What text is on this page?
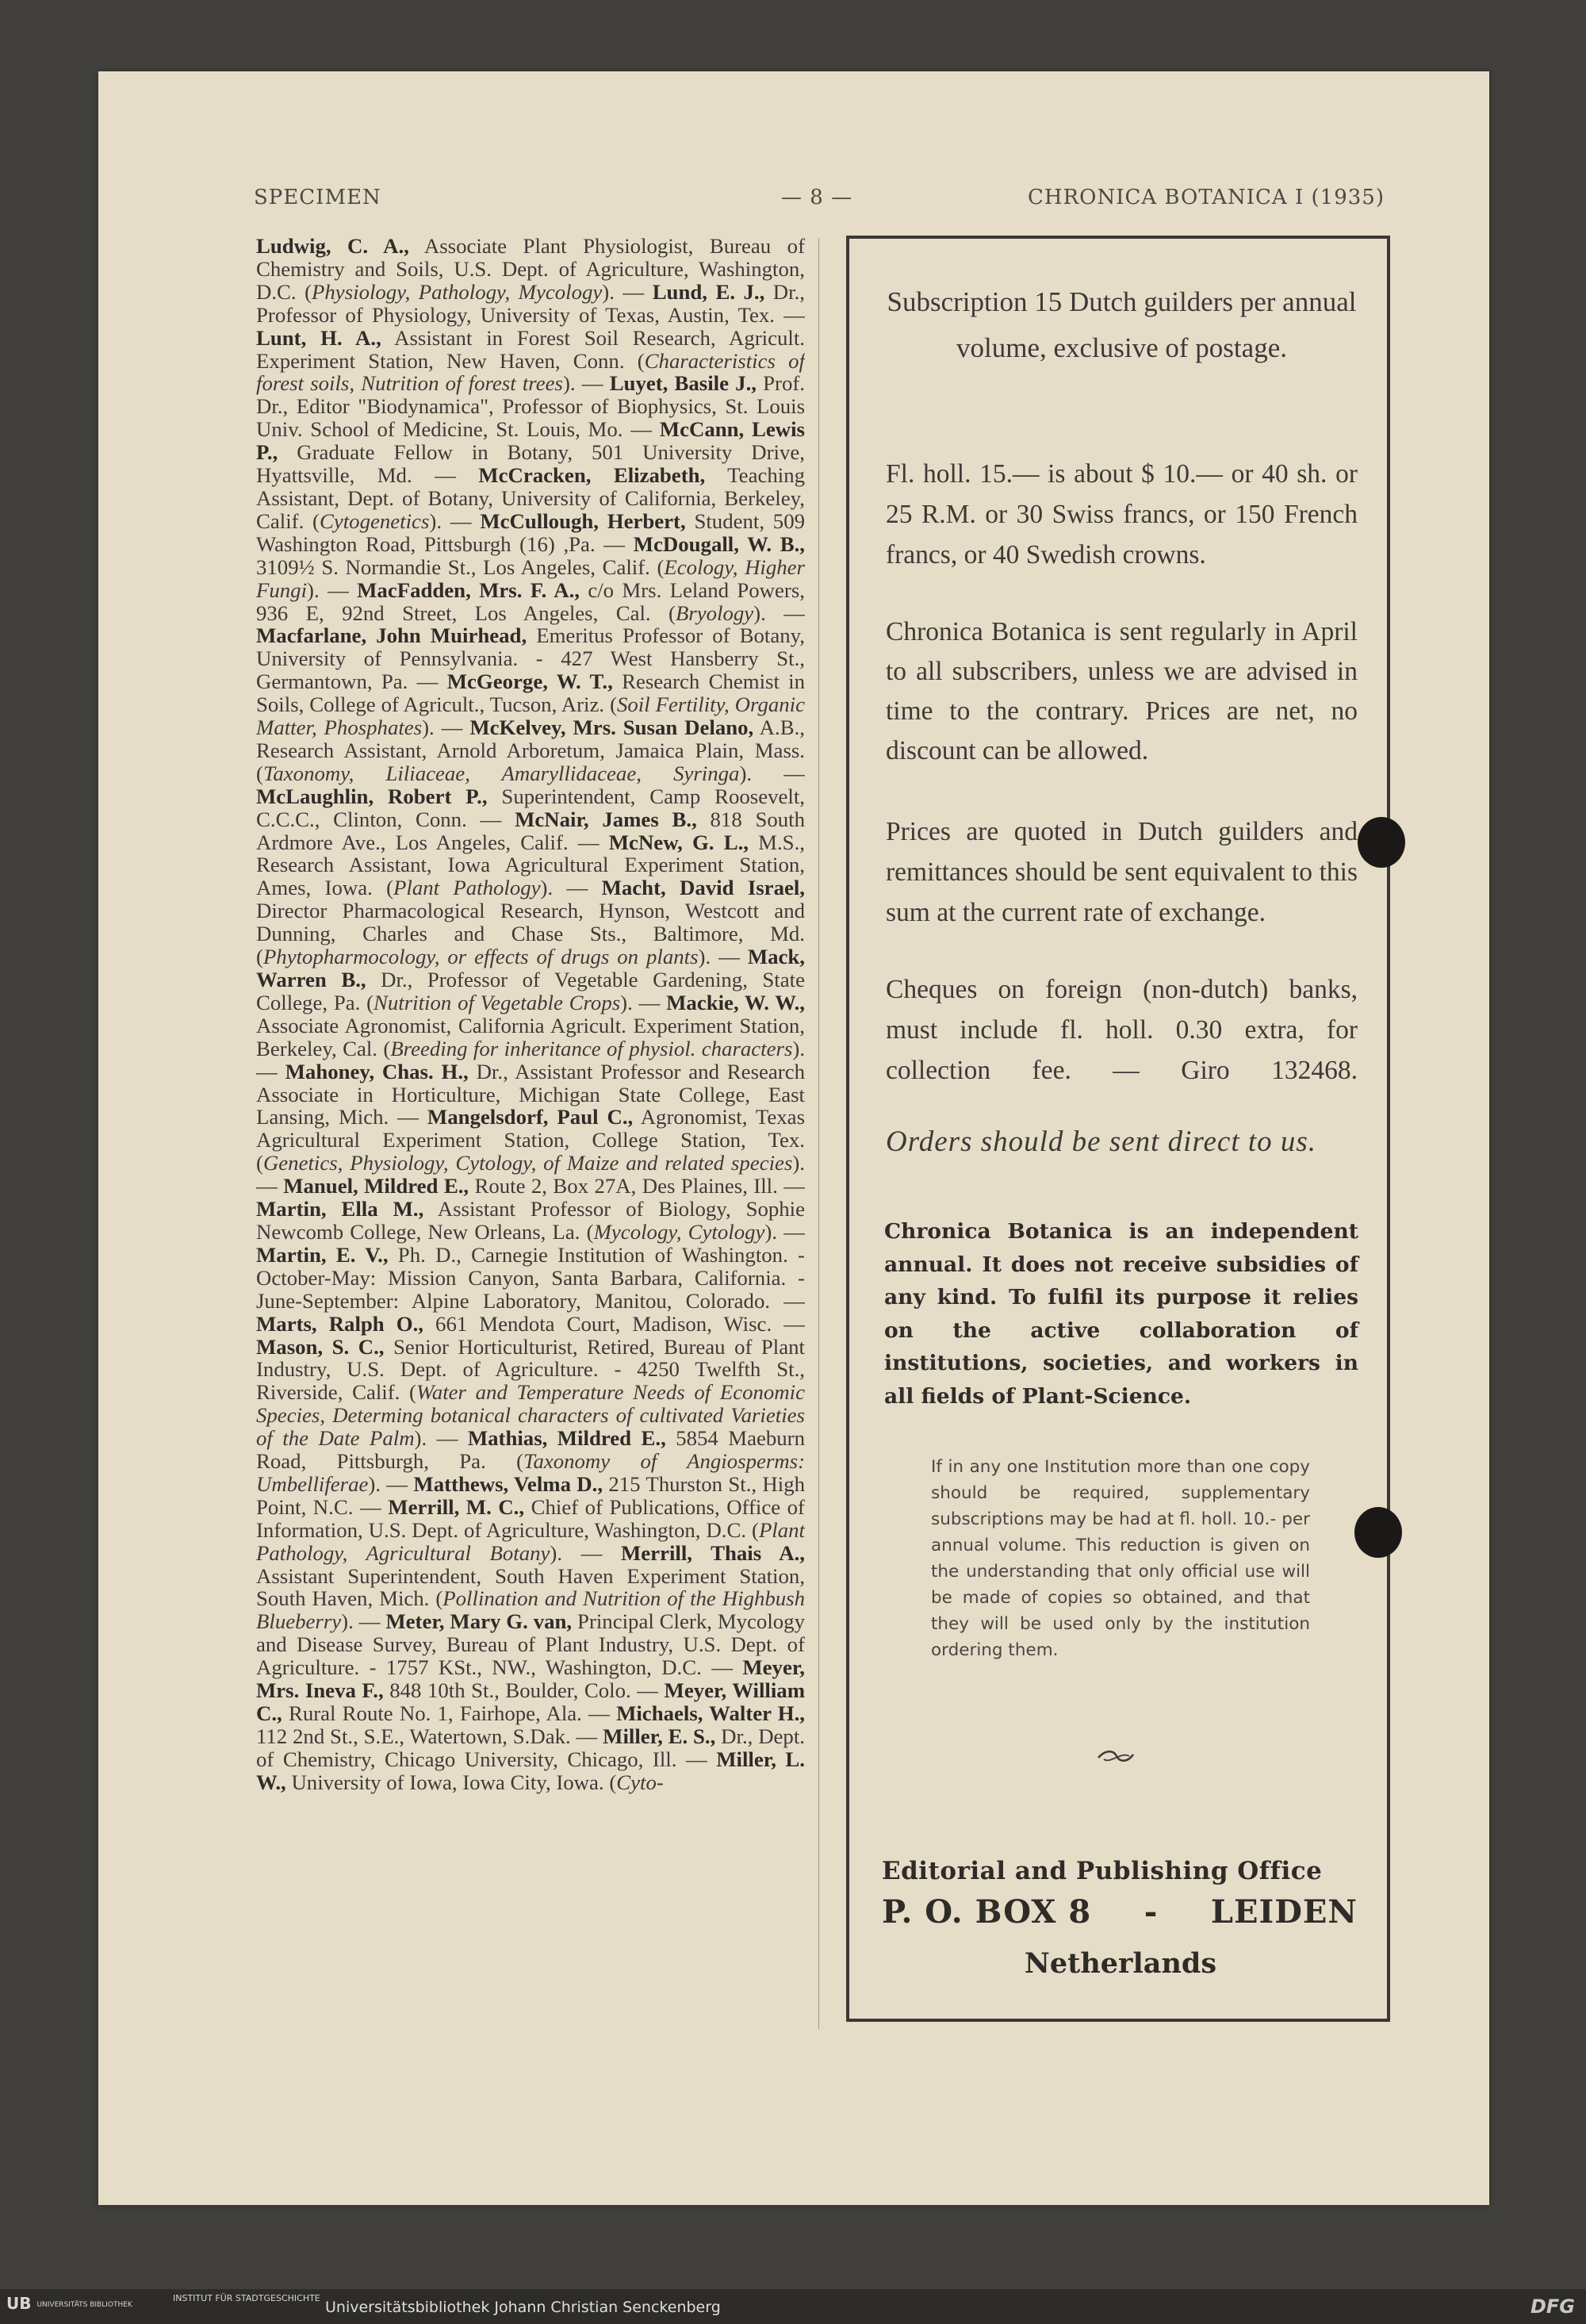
SPECIMEN	— 8 —	CHRONICA BOTANICA I (1935)
Ludwig, C. A., Associate Plant Physiologist, Bureau of Chemistry and Soils, U.S. Dept. of Agriculture, Washington, D.C. (Physiology, Pathology, Mycology). — Lund, E. J., Dr., Professor of Physiology, University of Texas, Austin, Tex. — Lunt, H. A., Assistant in Forest Soil Research, Agricult. Experiment Station, New Haven, Conn. (Characteristics of forest soils, Nutrition of forest trees). — Luyet, Basile J., Prof. Dr., Editor "Biodynamica", Professor of Biophysics, St. Louis Univ. School of Medicine, St. Louis, Mo. — McCann, Lewis P., Graduate Fellow in Botany, 501 University Drive, Hyattsville, Md. — McCracken, Elizabeth, Teaching Assistant, Dept. of Botany, University of California, Berkeley, Calif. (Cytogenetics). — McCullough, Herbert, Student, 509 Washington Road, Pittsburgh (16) ,Pa. — McDougall, W. B., 3109½ S. Normandie St., Los Angeles, Calif. (Ecology, Higher Fungi). — MacFadden, Mrs. F. A., c/o Mrs. Leland Powers, 936 E, 92nd Street, Los Angeles, Cal. (Bryology). — Macfarlane, John Muirhead, Emeritus Professor of Botany, University of Pennsylvania. - 427 West Hansberry St., Germantown, Pa. — McGeorge, W. T., Research Chemist in Soils, College of Agricult., Tucson, Ariz. (Soil Fertility, Organic Matter, Phosphates). — McKelvey, Mrs. Susan Delano, A.B., Research Assistant, Arnold Arboretum, Jamaica Plain, Mass. (Taxonomy, Liliaceae, Amaryllidaceae, Syringa). — McLaughlin, Robert P., Superintendent, Camp Roosevelt, C.C.C., Clinton, Conn. — McNair, James B., 818 South Ardmore Ave., Los Angeles, Calif. — McNew, G. L., M.S., Research Assistant, Iowa Agricultural Experiment Station, Ames, Iowa. (Plant Pathology). — Macht, David Israel, Director Pharmacological Research, Hynson, Westcott and Dunning, Charles and Chase Sts., Baltimore, Md. (Phytopharmocology, or effects of drugs on plants). — Mack, Warren B., Dr., Professor of Vegetable Gardening, State College, Pa. (Nutrition of Vegetable Crops). — Mackie, W. W., Associate Agronomist, California Agricult. Experiment Station, Berkeley, Cal. (Breeding for inheritance of physiol. characters). — Mahoney, Chas. H., Dr., Assistant Professor and Research Associate in Horticulture, Michigan State College, East Lansing, Mich. — Mangelsdorf, Paul C., Agronomist, Texas Agricultural Experiment Station, College Station, Tex. (Genetics, Physiology, Cytology, of Maize and related species). — Manuel, Mildred E., Route 2, Box 27A, Des Plaines, Ill. — Martin, Ella M., Assistant Professor of Biology, Sophie Newcomb College, New Orleans, La. (Mycology, Cytology). — Martin, E. V., Ph. D., Carnegie Institution of Washington. - October-May: Mission Canyon, Santa Barbara, California. - June-September: Alpine Laboratory, Manitou, Colorado. — Marts, Ralph O., 661 Mendota Court, Madison, Wisc. — Mason, S. C., Senior Horticulturist, Retired, Bureau of Plant Industry, U.S. Dept. of Agriculture. - 4250 Twelfth St., Riverside, Calif. (Water and Temperature Needs of Economic Species, Determing botanical characters of cultivated Varieties of the Date Palm). — Mathias, Mildred E., 5854 Maeburn Road, Pittsburgh, Pa. (Taxonomy of Angiosperms: Umbelliferae). — Matthews, Velma D., 215 Thurston St., High Point, N.C. — Merrill, M. C., Chief of Publications, Office of Information, U.S. Dept. of Agriculture, Washington, D.C. (Plant Pathology, Agricultural Botany). — Merrill, Thais A., Assistant Superintendent, South Haven Experiment Station, South Haven, Mich. (Pollination and Nutrition of the Highbush Blueberry). — Meter, Mary G. van, Principal Clerk, Mycology and Disease Survey, Bureau of Plant Industry, U.S. Dept. of Agriculture. - 1757 KSt., NW., Washington, D.C. — Meyer, Mrs. Ineva F., 848 10th St., Boulder, Colo. — Meyer, William C., Rural Route No. 1, Fairhope, Ala. — Michaels, Walter H., 112 2nd St., S.E., Watertown, S.Dak. — Miller, E. S., Dr., Dept. of Chemistry, Chicago University, Chicago, Ill. — Miller, L. W., University of Iowa, Iowa City, Iowa. (Cyto-
Subscription 15 Dutch guilders per annual volume, exclusive of postage.
Fl. holl. 15.— is about $ 10.— or 40 sh. or 25 R.M. or 30 Swiss francs, or 150 French francs, or 40 Swedish crowns.
Chronica Botanica is sent regularly in April to all subscribers, unless we are advised in time to the contrary. Prices are net, no discount can be allowed.
Prices are quoted in Dutch guilders and remittances should be sent equivalent to this sum at the current rate of exchange.
Cheques on foreign (non-dutch) banks, must include fl. holl. 0.30 extra, for collection fee. — Giro 132468.
Orders should be sent direct to us.
Chronica Botanica is an independent annual. It does not receive subsidies of any kind. To fulfil its purpose it relies on the active collaboration of institutions, societies, and workers in all fields of Plant-Science.
If in any one Institution more than one copy should be required, supplementary subscriptions may be had at fl. holl. 10.- per annual volume. This reduction is given on the understanding that only official use will be made of copies so obtained, and that they will be used only by the institution ordering them.
Editorial and Publishing Office
P. O. BOX 8 - LEIDEN
Netherlands
UB UNIVERSITÄTS BIBLIOTHEK
INSTITUT FÜR STADTGESCHICHTE
Universitätsbibliothek Johann Christian Senckenberg	DFG
